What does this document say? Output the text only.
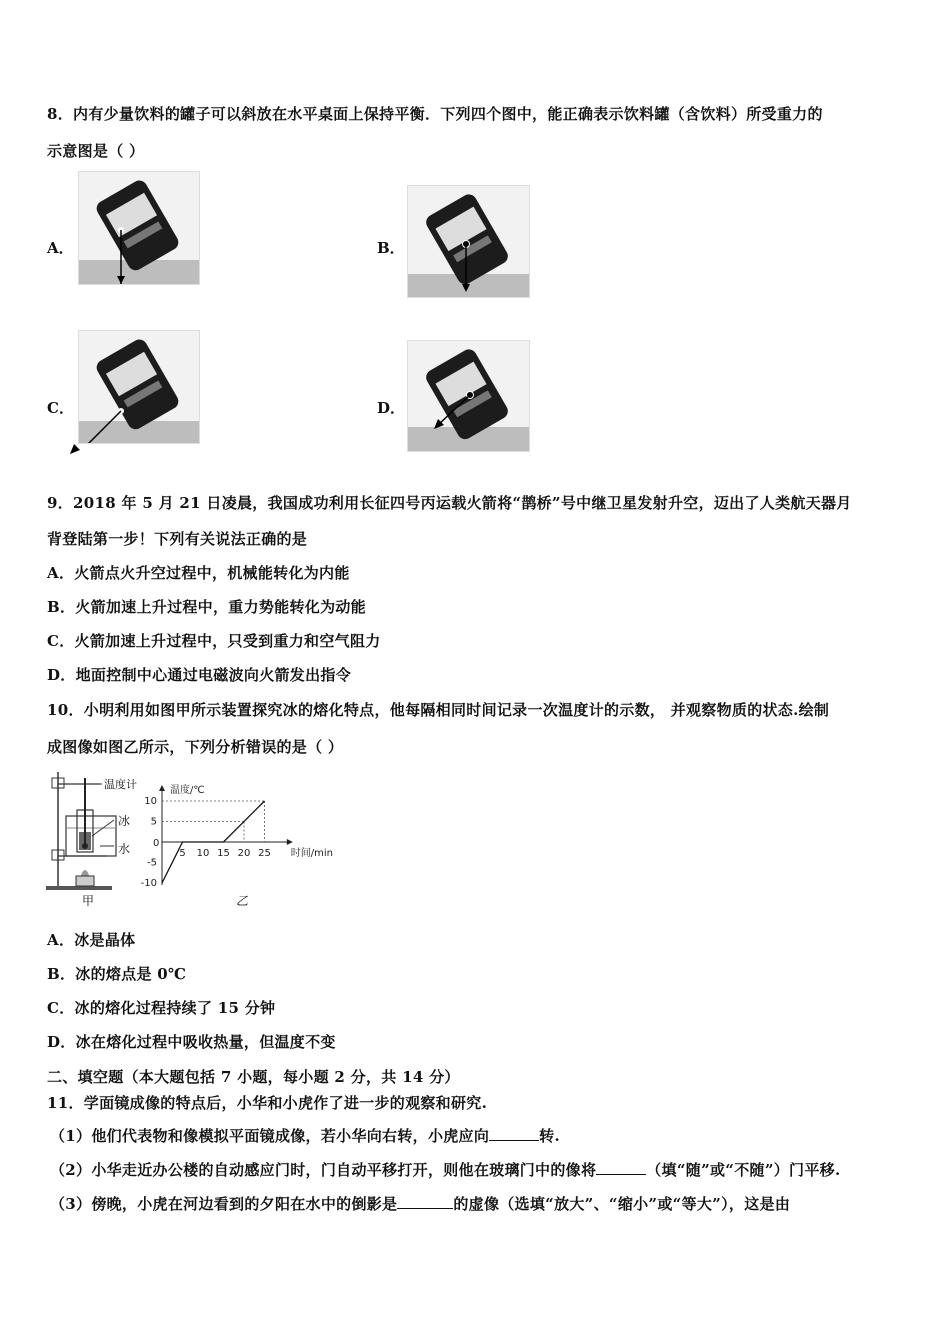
8．内有少量饮料的罐子可以斜放在水平桌面上保持平衡．下列四个图中，能正确表示饮料罐（含饮料）所受重力的
示意图是（ ）
A．	B．
C．	D．
9．2018 年 5 月 21 日凌晨，我国成功利用长征四号丙运载火箭将“鹊桥”号中继卫星发射升空，迈出了人类航天器月
背登陆第一步！下列有关说法正确的是
A．火箭点火升空过程中，机械能转化为内能
B．火箭加速上升过程中，重力势能转化为动能
C．火箭加速上升过程中，只受到重力和空气阻力
D．地面控制中心通过电磁波向火箭发出指令
10．小明利用如图甲所示装置探究冰的熔化特点，他每隔相同时间记录一次温度计的示数， 并观察物质的状态.绘制
成图像如图乙所示，下列分析错误的是（ ）
温度计
冰
水
甲
5 10 15 20 25
10
5
-5
-10
温度/℃
时间/min
0
乙
A．冰是晶体
B．冰的熔点是 0℃
C．冰的熔化过程持续了 15 分钟
D．冰在熔化过程中吸收热量，但温度不变
二、填空题（本大题包括 7 小题，每小题 2 分，共 14 分）
11．学面镜成像的特点后，小华和小虎作了进一步的观察和研究.
（1）他们代表物和像模拟平面镜成像，若小华向右转，小虎应向	转.
（2）小华走近办公楼的自动感应门时，门自动平移打开，则他在玻璃门中的像将	（填“随”或“不随”）门平移.
（3）傍晚，小虎在河边看到的夕阳在水中的倒影是	的虚像（选填“放大”、“缩小”或“等大”），这是由
